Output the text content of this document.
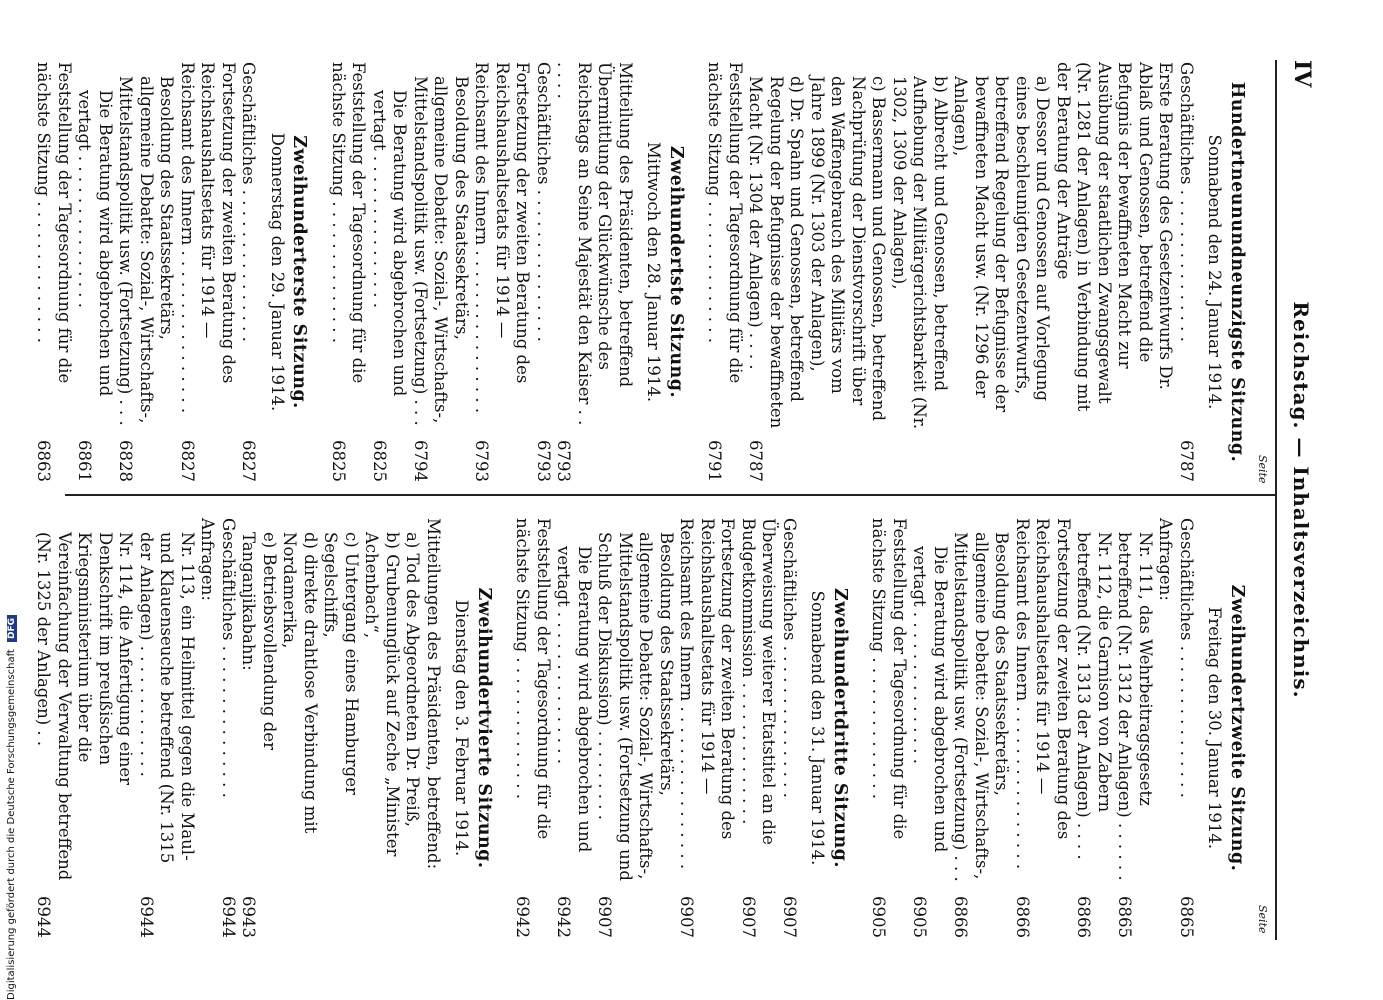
IV
Reichstag. — Inhaltsverzeichnis.
Seite
Seite
Hundertneunundneunzigste Sitzung.
Sonnabend den 24. Januar 1914.
Geschäftliches . . . . . . . . . . . . . . .
6787
Erste Beratung des Gesetzentwurfs Dr. Ablaß und Genossen, betreffend die Befugnis der bewaffneten Macht zur Ausübung der staatlichen Zwangsgewalt (Nr. 1281 der Anlagen) in Verbindung mit der Beratung der Anträge
a) Dessor und Genossen auf Vorlegung eines beschleunigten Gesetzentwurfs, betreffend Regelung der Befugnisse der bewaffneten Macht usw. (Nr. 1296 der Anlagen),
b) Albrecht und Genossen, betreffend Aufhebung der Militärgerichtsbarkeit (Nr. 1302, 1309 der Anlagen),
c) Bassermann und Genossen, betreffend Nachprüfung der Dienstvorschrift über den Waffengebrauch des Militärs vom Jahre 1899 (Nr. 1303 der Anlagen),
d) Dr. Spahn und Genossen, betreffend Regelung der Befugnisse der bewaffneten Macht (Nr. 1304 der Anlagen) . . . .
6787
Feststellung der Tagesordnung für die nächste Sitzung . . . . . . . . . . . . . .
6791
Zweihundertste Sitzung.
Mittwoch den 28. Januar 1914.
Mitteilung des Präsidenten, betreffend Übermittlung der Glückwünsche des Reichstags an Seine Majestät den Kaiser . . . . . .
6793
Geschäftliches . . . . . . . . . . . . . . .
6793
Fortsetzung der zweiten Beratung des Reichshaushaltsetats für 1914 — Reichsamt des Innern . . . . . . . . . . . . . . . .
6793
Besoldung des Staatssekretärs, allgemeine Debatte: Sozial-, Wirtschafts-, Mittelstandspolitik usw. (Fortsetzung) . . .
6794
Die Beratung wird abgebrochen und vertagt . . . . . . . . . . . . . . .
6825
Feststellung der Tagesordnung für die nächste Sitzung . . . . . . . . . . . . . .
6825
Zweihunderterste Sitzung.
Donnerstag den 29. Januar 1914.
Geschäftliches . . . . . . . . . . . . . . .
6827
Fortsetzung der zweiten Beratung des Reichshaushaltsetats für 1914 — Reichsamt des Innern . . . . . . . . . . . . . . . .
6827
Besoldung des Staatssekretärs, allgemeine Debatte: Sozial-, Wirtschafts-, Mittelstandspolitik usw. (Fortsetzung) . . .
6828
Die Beratung wird abgebrochen und vertagt . . . . . . . . . . . . . . .
6861
Feststellung der Tagesordnung für die nächste Sitzung . . . . . . . . . . . . . .
6863
Zweihundertzweite Sitzung.
Freitag den 30. Januar 1914.
Geschäftliches . . . . . . . . . . . . . . .
6865
Anfragen:
Nr. 111, das Wehrbeitragsgesetz betreffend (Nr. 1312 der Anlagen) . . . . . .
6865
Nr. 112, die Garnison von Zabern betreffend (Nr. 1313 der Anlagen) . . . .
6866
Fortsetzung der zweiten Beratung des Reichshaushaltsetats für 1914 — Reichsamt des Innern . . . . . . . . . . . . . . . .
6866
Besoldung des Staatssekretärs, allgemeine Debatte: Sozial-, Wirtschafts-, Mittelstandspolitik usw. (Fortsetzung) . . .
6866
Die Beratung wird abgebrochen und vertagt . . . . . . . . . . . . . . .
6905
Feststellung der Tagesordnung für die nächste Sitzung . . . . . . . . . . . . . .
6905
Zweihundertdritte Sitzung.
Sonnabend den 31. Januar 1914.
Geschäftliches . . . . . . . . . . . . . . .
6907
Überweisung weiterer Etatstitel an die Budgetkommission . . . . . . . . . . . . . .
6907
Fortsetzung der zweiten Beratung des Reichshaushaltsetats für 1914 — Reichsamt des Innern . . . . . . . . . . . . . . . .
6907
Besoldung des Staatssekretärs, allgemeine Debatte: Sozial-, Wirtschafts-, Mittelstandspolitik usw. (Fortsetzung und Schluß der Diskussion) . . . . . . . . .
6907
Die Beratung wird abgebrochen und vertagt . . . . . . . . . . . . . . .
6942
Feststellung der Tagesordnung für die nächste Sitzung . . . . . . . . . . . . . .
6942
Zweihundertvierte Sitzung.
Dienstag den 3. Februar 1914.
Mitteilungen des Präsidenten, betreffend:
a) Tod des Abgeordneten Dr. Preiß,
b) Grubenunglück auf Zeche „Minister Achenbach“,
c) Untergang eines Hamburger Segelschiffs,
d) direkte drahtlose Verbindung mit Nordamerika,
e) Betriebsvollendung der Tanganjikabahn:
6943
Geschäftliches . . . . . . . . . . . . . . .
6944
Anfragen:
Nr. 113, ein Heilmittel gegen die Maul- und Klauenseuche betreffend (Nr. 1315 der Anlagen) . . . . . . . . . . . . .
6944
Nr. 114, die Anfertigung einer Denkschrift im preußischen Kriegsministerium über die Vereinfachung der Verwaltung betreffend (Nr. 1325 der Anlagen) . .
6944
Digitalisierung gefördert durch die Deutsche Forschungsgemeinschaft DFG
